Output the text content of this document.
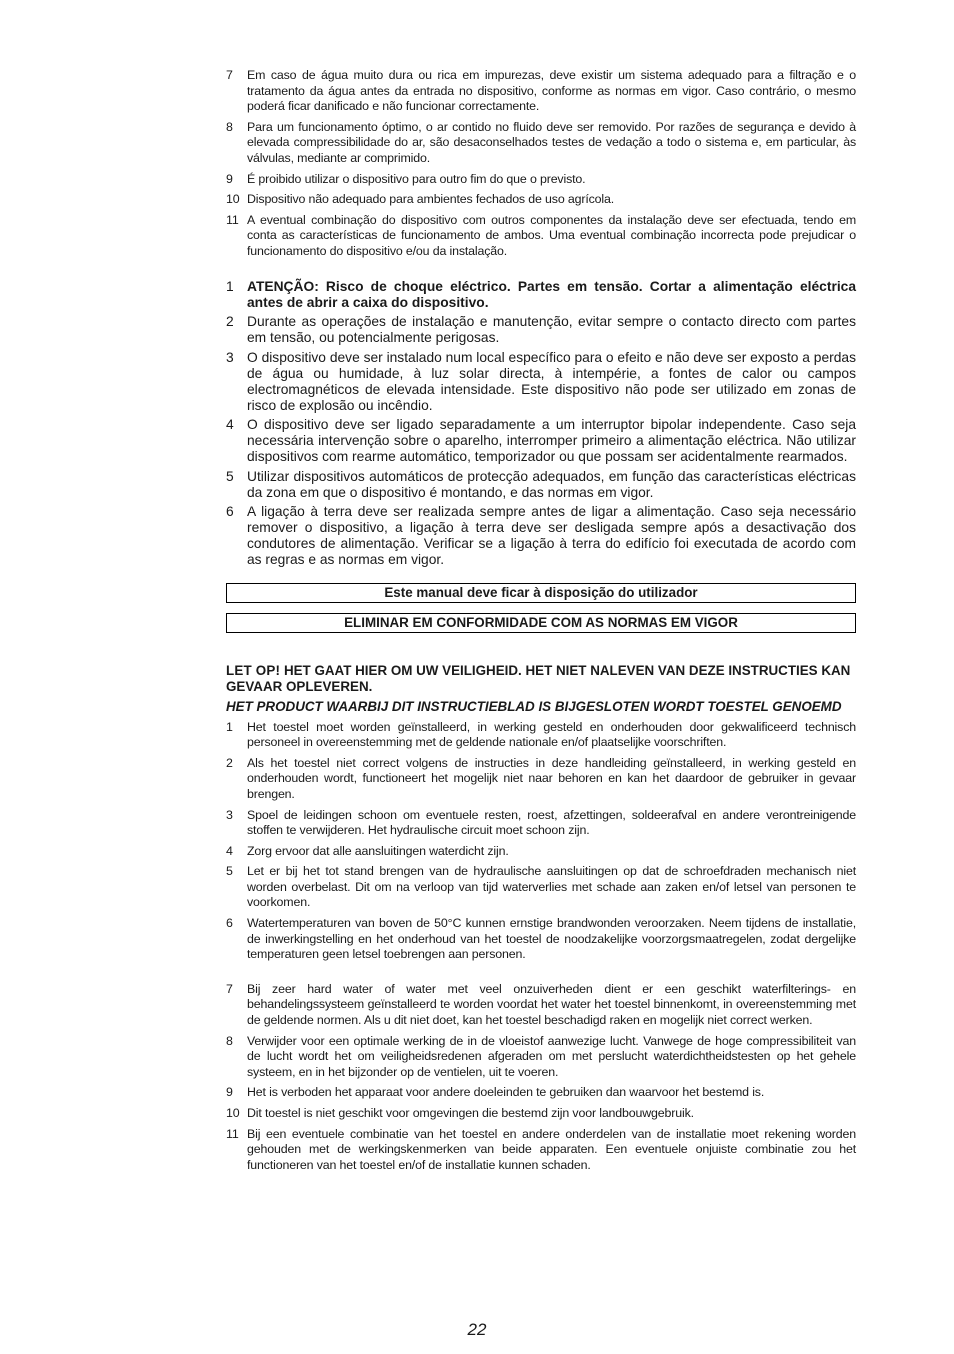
7	Em caso de água muito dura ou rica em impurezas, deve existir um sistema adequado para a filtração e o tratamento da água antes da entrada no dispositivo, conforme as normas em vigor. Caso contrário, o mesmo poderá ficar danificado e não funcionar correctamente.
8	Para um funcionamento óptimo, o ar contido no fluido deve ser removido. Por razões de segurança e devido à elevada compressibilidade do ar, são desaconselhados testes de vedação a todo o sistema e, em particular, às válvulas, mediante ar comprimido.
9	É proibido utilizar o dispositivo para outro fim do que o previsto.
10 Dispositivo não adequado para ambientes fechados de uso agrícola.
11 A eventual combinação do dispositivo com outros componentes da instalação deve ser efectuada, tendo em conta as características de funcionamento de ambos. Uma eventual combinação incorrecta pode prejudicar o funcionamento do dispositivo e/ou da instalação.
1 ATENÇÃO: Risco de choque eléctrico. Partes em tensão. Cortar a alimentação eléctrica antes de abrir a caixa do dispositivo.
2 Durante as operações de instalação e manutenção, evitar sempre o contacto directo com partes em tensão, ou potencialmente perigosas.
3 O dispositivo deve ser instalado num local específico para o efeito e não deve ser exposto a perdas de água ou humidade, à luz solar directa, à intempérie, a fontes de calor ou campos electromagnéticos de elevada intensidade. Este dispositivo não pode ser utilizado em zonas de risco de explosão ou incêndio.
4 O dispositivo deve ser ligado separadamente a um interruptor bipolar independente. Caso seja necessária intervenção sobre o aparelho, interromper primeiro a alimentação eléctrica. Não utilizar dispositivos com rearme automático, temporizador ou que possam ser acidentalmente rearmados.
5 Utilizar dispositivos automáticos de protecção adequados, em função das características eléctricas da zona em que o dispositivo é montando, e das normas em vigor.
6 A ligação à terra deve ser realizada sempre antes de ligar a alimentação. Caso seja necessário remover o dispositivo, a ligação à terra deve ser desligada sempre após a desactivação dos condutores de alimentação. Verificar se a ligação à terra do edifício foi executada de acordo com as regras e as normas em vigor.
Este manual deve ficar à disposição do utilizador
ELIMINAR EM CONFORMIDADE COM AS NORMAS EM VIGOR

LET OP! HET GAAT HIER OM UW VEILIGHEID. HET NIET NALEVEN VAN DEZE INSTRUCTIES KAN GEVAAR OPLEVEREN.

HET PRODUCT WAARBIJ DIT INSTRUCTIEBLAD IS BIJGESLOTEN WORDT TOESTEL GENOEMD

1	Het toestel moet worden geïnstalleerd, in werking gesteld en onderhouden door gekwalificeerd technisch personeel in overeenstemming met de geldende nationale en/of plaatselijke voorschriften.
2	Als het toestel niet correct volgens de instructies in deze handleiding geïnstalleerd, in werking gesteld en onderhouden wordt, functioneert het mogelijk niet naar behoren en kan het daardoor de gebruiker in gevaar brengen.
3	Spoel de leidingen schoon om eventuele resten, roest, afzettingen, soldeerafval en andere verontreinigende stoffen te verwijderen. Het hydraulische circuit moet schoon zijn.
4	Zorg ervoor dat alle aansluitingen waterdicht zijn.
5	Let er bij het tot stand brengen van de hydraulische aansluitingen op dat de schroefdraden mechanisch niet worden overbelast. Dit om na verloop van tijd waterverlies met schade aan zaken en/of letsel van personen te voorkomen.
6	Watertemperaturen van boven de 50°C kunnen ernstige brandwonden veroorzaken. Neem tijdens de installatie, de inwerkingstelling en het onderhoud van het toestel de noodzakelijke voorzorgsmaatregelen, zodat dergelijke temperaturen geen letsel toebrengen aan personen.
7	Bij zeer hard water of water met veel onzuiverheden dient er een geschikt waterfilterings- en behandelingssysteem geïnstalleerd te worden voordat het water het toestel binnenkomt, in overeenstemming met de geldende normen. Als u dit niet doet, kan het toestel beschadigd raken en mogelijk niet correct werken.
8	Verwijder voor een optimale werking de in de vloeistof aanwezige lucht. Vanwege de hoge compressibiliteit van de lucht wordt het om veiligheidsredenen afgeraden om met perslucht waterdichtheidstesten op het gehele systeem, en in het bijzonder op de ventielen, uit te voeren.
9	Het is verboden het apparaat voor andere doeleinden te gebruiken dan waarvoor het bestemd is.
10 Dit toestel is niet geschikt voor omgevingen die bestemd zijn voor landbouwgebruik.
11 Bij een eventuele combinatie van het toestel en andere onderdelen van de installatie moet rekening worden gehouden met de werkingskenmerken van beide apparaten. Een eventuele onjuiste combinatie zou het functioneren van het toestel en/of de installatie kunnen schaden.
22
